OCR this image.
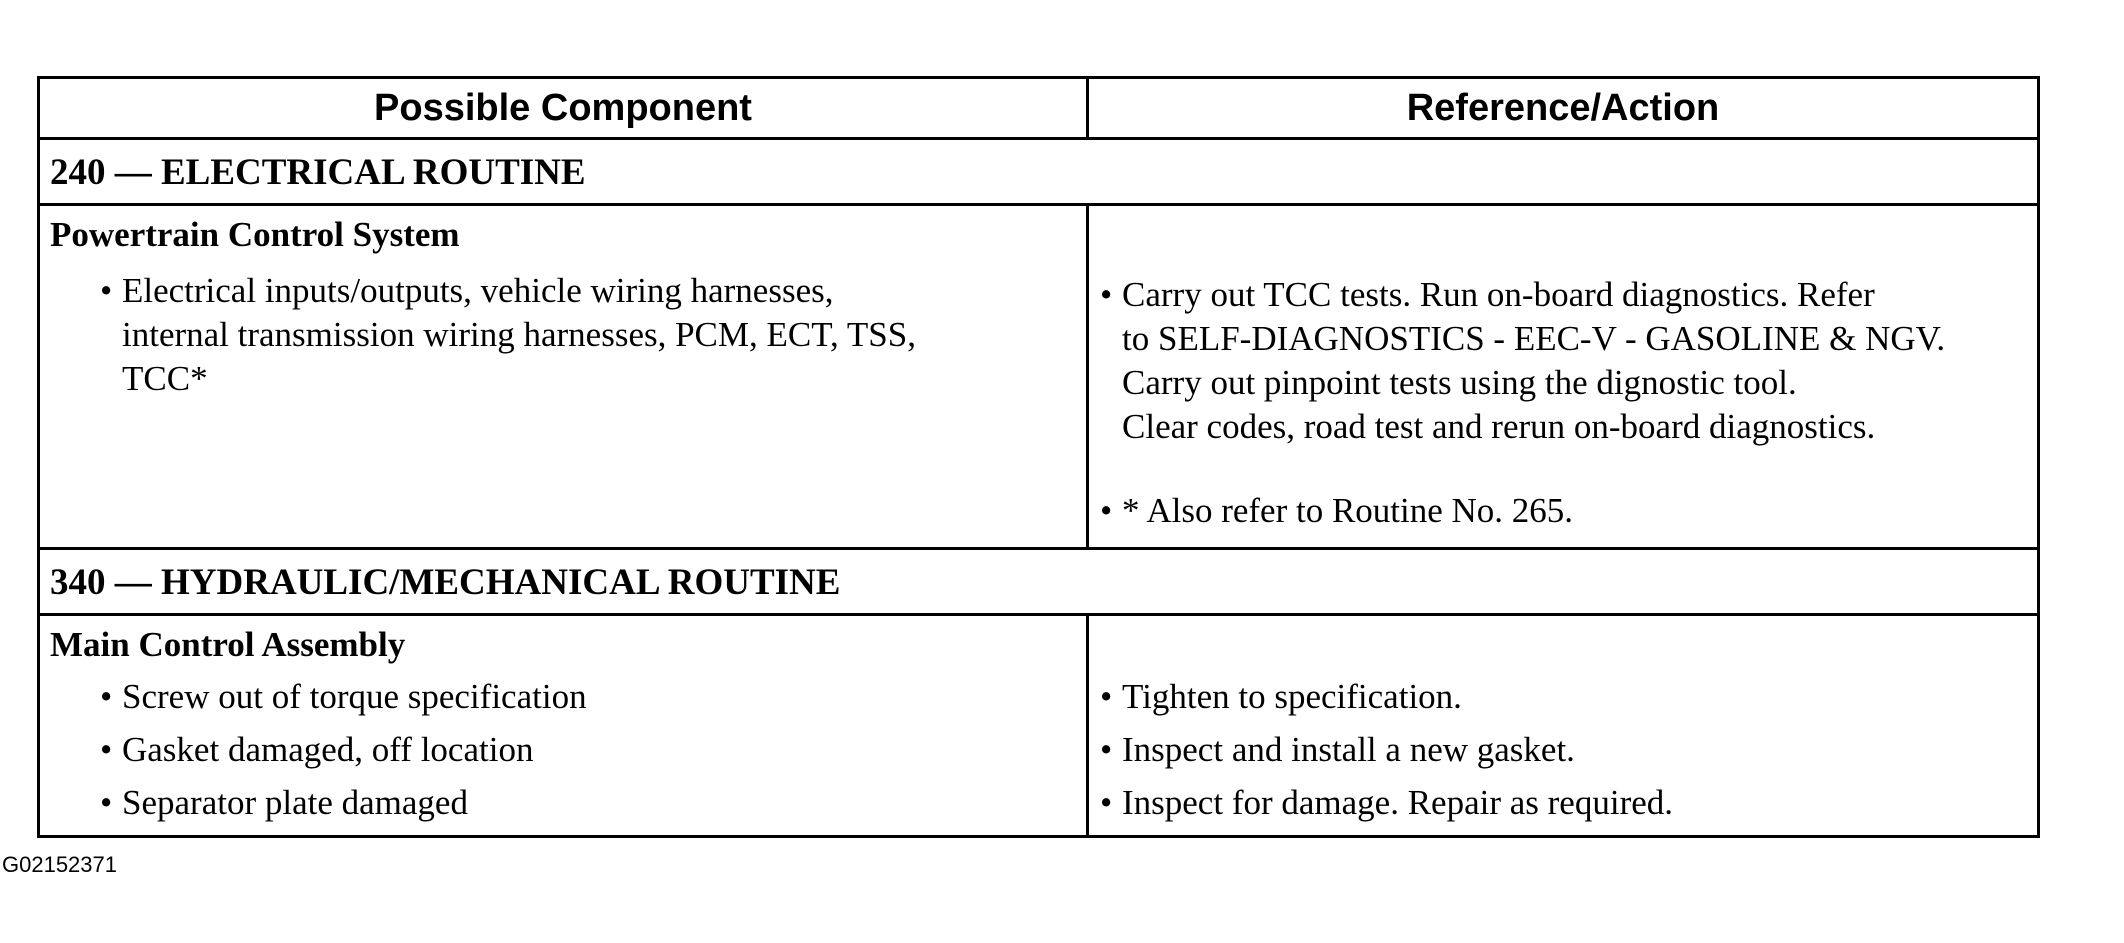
Possible Component	Reference/Action
240 — ELECTRICAL ROUTINE
Powertrain Control System
• Electrical inputs/outputs, vehicle wiring harnesses,
internal transmission wiring harnesses, PCM, ECT, TSS,
TCC*
• Carry out TCC tests. Run on-board diagnostics. Refer
to SELF-DIAGNOSTICS - EEC-V - GASOLINE & NGV.
Carry out pinpoint tests using the dignostic tool.
Clear codes, road test and rerun on-board diagnostics.
• * Also refer to Routine No. 265.
340 — HYDRAULIC/MECHANICAL ROUTINE
Main Control Assembly
• Screw out of torque specification
• Gasket damaged, off location
• Separator plate damaged
• Tighten to specification.
• Inspect and install a new gasket.
• Inspect for damage. Repair as required.
G02152371
